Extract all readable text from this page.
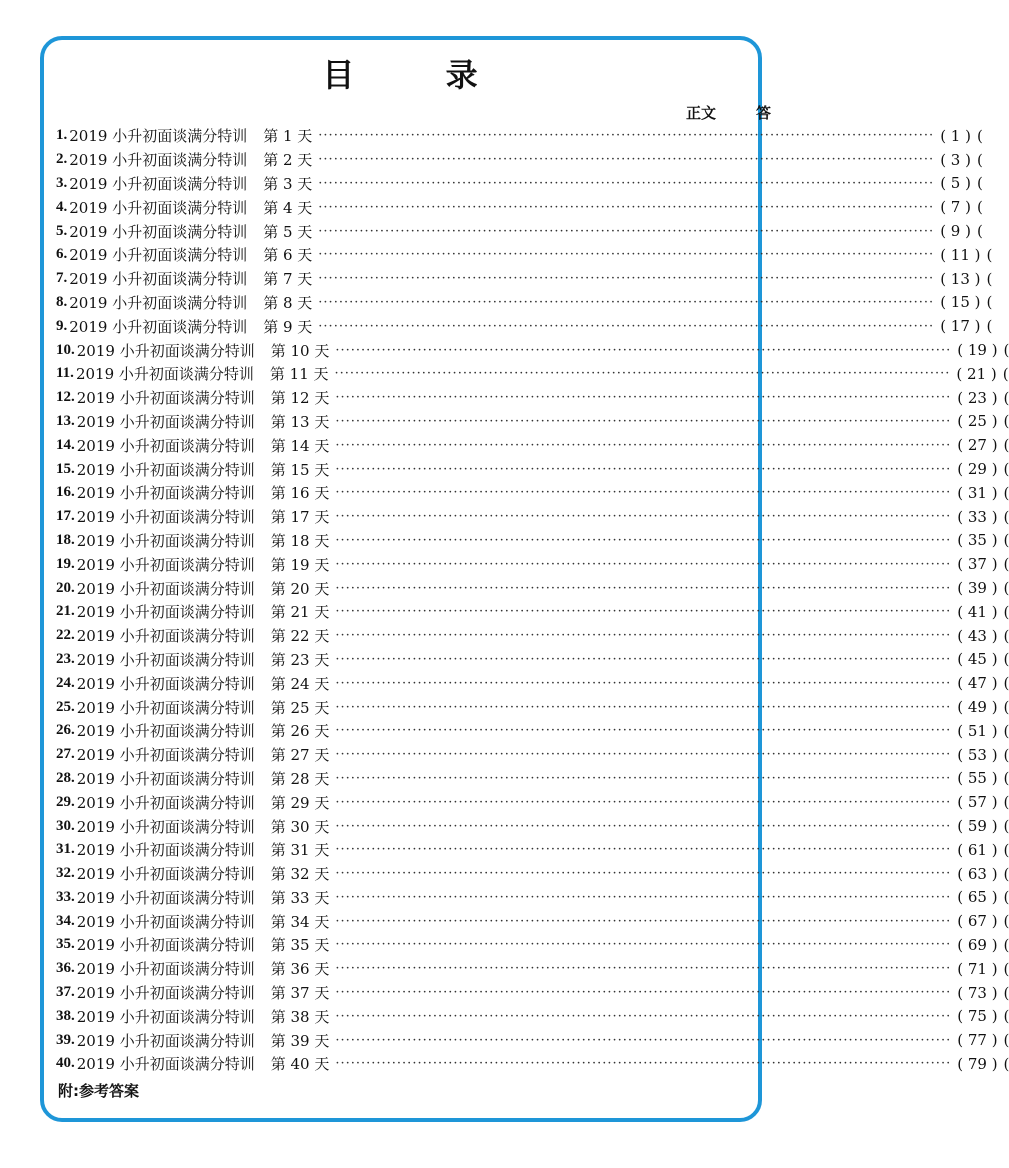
目 录
正文	答
1. 2019 小升初面谈满分特训 第 1 天 ························································································································ ( 1 ) (
2. 2019 小升初面谈满分特训 第 2 天 ························································································································ ( 3 ) (
3. 2019 小升初面谈满分特训 第 3 天 ························································································································ ( 5 ) (
4. 2019 小升初面谈满分特训 第 4 天 ························································································································ ( 7 ) (
5. 2019 小升初面谈满分特训 第 5 天 ························································································································ ( 9 ) (
6. 2019 小升初面谈满分特训 第 6 天 ························································································································ ( 11 ) (
7. 2019 小升初面谈满分特训 第 7 天 ························································································································ ( 13 ) (
8. 2019 小升初面谈满分特训 第 8 天 ························································································································ ( 15 ) (
9. 2019 小升初面谈满分特训 第 9 天 ························································································································ ( 17 ) (
10. 2019 小升初面谈满分特训 第 10 天 ························································································································ ( 19 ) (
11. 2019 小升初面谈满分特训 第 11 天 ························································································································ ( 21 ) (
12. 2019 小升初面谈满分特训 第 12 天 ························································································································ ( 23 ) (
13. 2019 小升初面谈满分特训 第 13 天 ························································································································ ( 25 ) (
14. 2019 小升初面谈满分特训 第 14 天 ························································································································ ( 27 ) (
15. 2019 小升初面谈满分特训 第 15 天 ························································································································ ( 29 ) (
16. 2019 小升初面谈满分特训 第 16 天 ························································································································ ( 31 ) (
17. 2019 小升初面谈满分特训 第 17 天 ························································································································ ( 33 ) (
18. 2019 小升初面谈满分特训 第 18 天 ························································································································ ( 35 ) (
19. 2019 小升初面谈满分特训 第 19 天 ························································································································ ( 37 ) (
20. 2019 小升初面谈满分特训 第 20 天 ························································································································ ( 39 ) (
21. 2019 小升初面谈满分特训 第 21 天 ························································································································ ( 41 ) (
22. 2019 小升初面谈满分特训 第 22 天 ························································································································ ( 43 ) (
23. 2019 小升初面谈满分特训 第 23 天 ························································································································ ( 45 ) (
24. 2019 小升初面谈满分特训 第 24 天 ························································································································ ( 47 ) (
25. 2019 小升初面谈满分特训 第 25 天 ························································································································ ( 49 ) (
26. 2019 小升初面谈满分特训 第 26 天 ························································································································ ( 51 ) (
27. 2019 小升初面谈满分特训 第 27 天 ························································································································ ( 53 ) (
28. 2019 小升初面谈满分特训 第 28 天 ························································································································ ( 55 ) (
29. 2019 小升初面谈满分特训 第 29 天 ························································································································ ( 57 ) (
30. 2019 小升初面谈满分特训 第 30 天 ························································································································ ( 59 ) (
31. 2019 小升初面谈满分特训 第 31 天 ························································································································ ( 61 ) (
32. 2019 小升初面谈满分特训 第 32 天 ························································································································ ( 63 ) (
33. 2019 小升初面谈满分特训 第 33 天 ························································································································ ( 65 ) (
34. 2019 小升初面谈满分特训 第 34 天 ························································································································ ( 67 ) (
35. 2019 小升初面谈满分特训 第 35 天 ························································································································ ( 69 ) (
36. 2019 小升初面谈满分特训 第 36 天 ························································································································ ( 71 ) (
37. 2019 小升初面谈满分特训 第 37 天 ························································································································ ( 73 ) (
38. 2019 小升初面谈满分特训 第 38 天 ························································································································ ( 75 ) (
39. 2019 小升初面谈满分特训 第 39 天 ························································································································ ( 77 ) (
40. 2019 小升初面谈满分特训 第 40 天 ························································································································ ( 79 ) (
附:参考答案
